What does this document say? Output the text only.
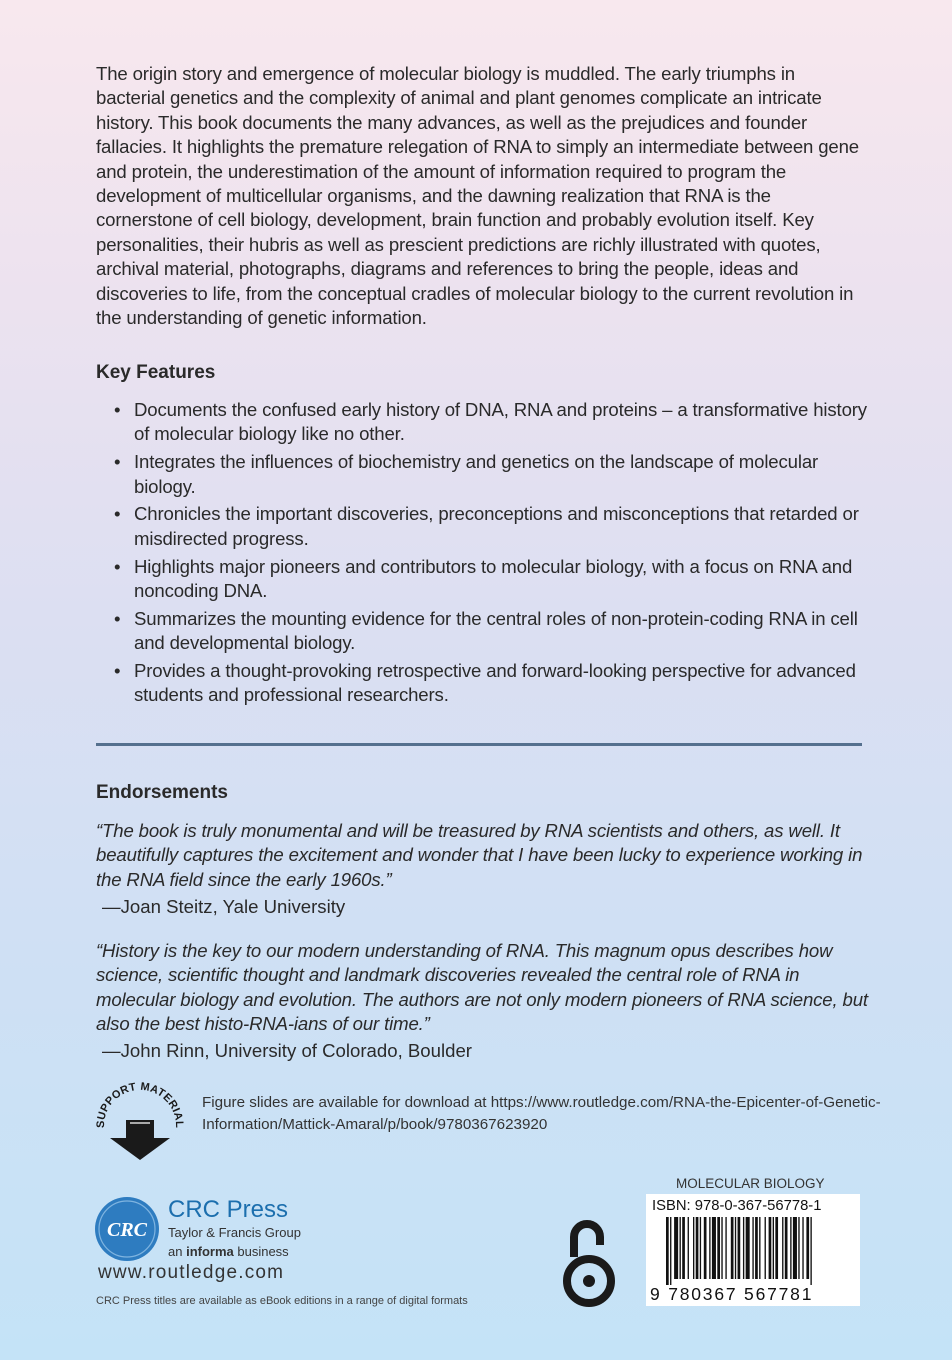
The origin story and emergence of molecular biology is muddled. The early triumphs in bacterial genetics and the complexity of animal and plant genomes complicate an intricate history. This book documents the many advances, as well as the prejudices and founder fallacies. It highlights the premature relegation of RNA to simply an intermediate between gene and protein, the underestimation of the amount of information required to program the development of multicellular organisms, and the dawning realization that RNA is the cornerstone of cell biology, development, brain function and probably evolution itself. Key personalities, their hubris as well as prescient predictions are richly illustrated with quotes, archival material, photographs, diagrams and references to bring the people, ideas and discoveries to life, from the conceptual cradles of molecular biology to the current revolution in the understanding of genetic information.

Key Features
• Documents the confused early history of DNA, RNA and proteins – a transformative history of molecular biology like no other.
• Integrates the influences of biochemistry and genetics on the landscape of molecular biology.
• Chronicles the important discoveries, preconceptions and misconceptions that retarded or misdirected progress.
• Highlights major pioneers and contributors to molecular biology, with a focus on RNA and noncoding DNA.
• Summarizes the mounting evidence for the central roles of non-protein-coding RNA in cell and developmental biology.
• Provides a thought-provoking retrospective and forward-looking perspective for advanced students and professional researchers.
Endorsements

“The book is truly monumental and will be treasured by RNA scientists and others, as well. It beautifully captures the excitement and wonder that I have been lucky to experience working in the RNA field since the early 1960s.”

—Joan Steitz, Yale University

“History is the key to our modern understanding of RNA. This magnum opus describes how science, scientific thought and landmark discoveries revealed the central role of RNA in molecular biology and evolution. The authors are not only modern pioneers of RNA science, but also the best histo-RNA-ians of our time.”

—John Rinn, University of Colorado, Boulder

SUPPORT MATERIAL

Figure slides are available for download at https://www.routledge.com/RNA-the-Epicenter-of-Genetic-Information/Mattick-Amaral/p/book/9780367623920

CRC
CRC Press
Taylor & Francis Group
an informa business
www.routledge.com
CRC Press titles are available as eBook editions in a range of digital formats
MOLECULAR BIOLOGY
ISBN: 978-0-367-56778-1
9 780367 567781
